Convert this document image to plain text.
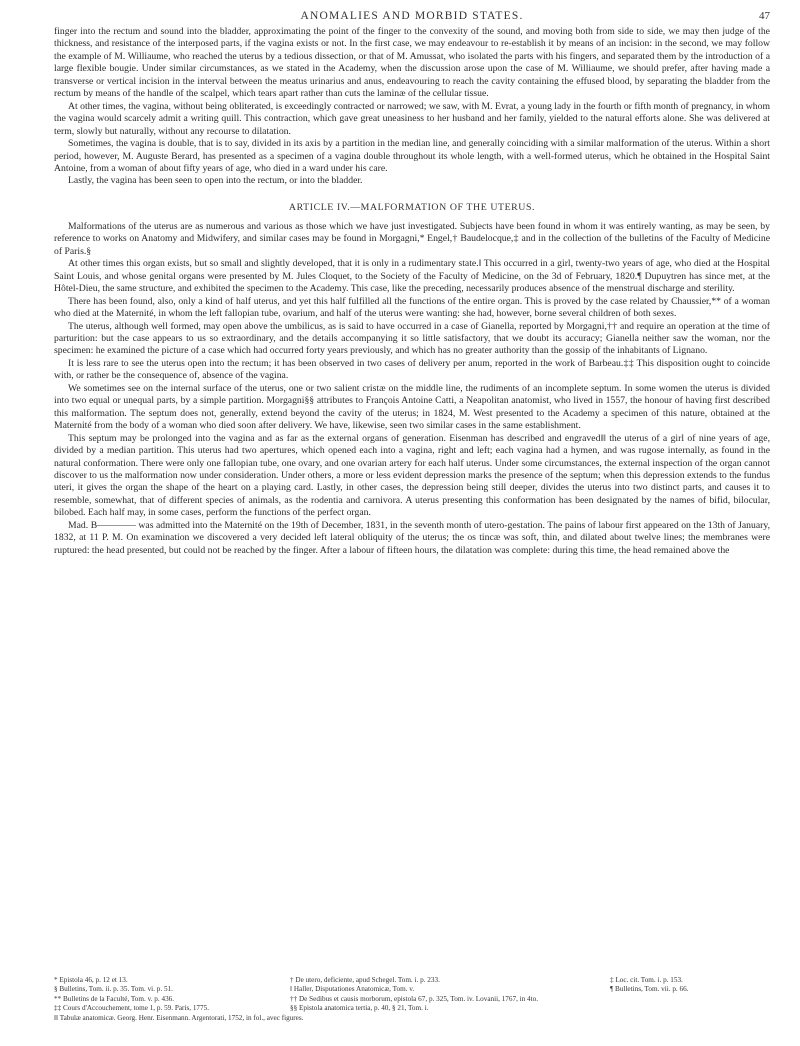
ANOMALIES AND MORBID STATES.	47

finger into the rectum and sound into the bladder, approximating the point of the finger to the convexity of the sound, and moving both from side to side, we may then judge of the thickness, and resistance of the interposed parts, if the vagina exists or not. In the first case, we may endeavour to re-establish it by means of an incision: in the second, we may follow the example of M. Williaume, who reached the uterus by a tedious dissection, or that of M. Amussat, who isolated the parts with his fingers, and separated them by the introduction of a large flexible bougie. Under similar circumstances, as we stated in the Academy, when the discussion arose upon the case of M. Williaume, we should prefer, after having made a transverse or vertical incision in the interval between the meatus urinarius and anus, endeavouring to reach the cavity containing the effused blood, by separating the bladder from the rectum by means of the handle of the scalpel, which tears apart rather than cuts the laminæ of the cellular tissue.

At other times, the vagina, without being obliterated, is exceedingly contracted or narrowed; we saw, with M. Evrat, a young lady in the fourth or fifth month of pregnancy, in whom the vagina would scarcely admit a writing quill. This contraction, which gave great uneasiness to her husband and her family, yielded to the natural efforts alone. She was delivered at term, slowly but naturally, without any recourse to dilatation.

Sometimes, the vagina is double, that is to say, divided in its axis by a partition in the median line, and generally coinciding with a similar malformation of the uterus. Within a short period, however, M. Auguste Berard, has presented as a specimen of a vagina double throughout its whole length, with a well-formed uterus, which he obtained in the Hospital Saint Antoine, from a woman of about fifty years of age, who died in a ward under his care.

Lastly, the vagina has been seen to open into the rectum, or into the bladder.

ARTICLE IV.—MALFORMATION OF THE UTERUS.

Malformations of the uterus are as numerous and various as those which we have just investigated. Subjects have been found in whom it was entirely wanting, as may be seen, by reference to works on Anatomy and Midwifery, and similar cases may be found in Morgagni,* Engel,† Baudelocque,‡ and in the collection of the bulletins of the Faculty of Medicine of Paris.§

At other times this organ exists, but so small and slightly developed, that it is only in a rudimentary state.‖ This occurred in a girl, twenty-two years of age, who died at the Hospital Saint Louis, and whose genital organs were presented by M. Jules Cloquet, to the Society of the Faculty of Medicine, on the 3d of February, 1820.¶ Dupuytren has since met, at the Hôtel-Dieu, the same structure, and exhibited the specimen to the Academy. This case, like the preceding, necessarily produces absence of the menstrual discharge and sterility.

There has been found, also, only a kind of half uterus, and yet this half fulfilled all the functions of the entire organ. This is proved by the case related by Chaussier,** of a woman who died at the Maternité, in whom the left fallopian tube, ovarium, and half of the uterus were wanting: she had, however, borne several children of both sexes.

The uterus, although well formed, may open above the umbilicus, as is said to have occurred in a case of Gianella, reported by Morgagni,†† and require an operation at the time of parturition: but the case appears to us so extraordinary, and the details accompanying it so little satisfactory, that we doubt its accuracy; Gianella neither saw the woman, nor the specimen: he examined the picture of a case which had occurred forty years previously, and which has no greater authority than the gossip of the inhabitants of Lignano.

It is less rare to see the uterus open into the rectum; it has been observed in two cases of delivery per anum, reported in the work of Barbeau.‡‡ This disposition ought to coincide with, or rather be the consequence of, absence of the vagina.

We sometimes see on the internal surface of the uterus, one or two salient cristæ on the middle line, the rudiments of an incomplete septum. In some women the uterus is divided into two equal or unequal parts, by a simple partition. Morgagni§§ attributes to François Antoine Catti, a Neapolitan anatomist, who lived in 1557, the honour of having first described this malformation. The septum does not, generally, extend beyond the cavity of the uterus; in 1824, M. West presented to the Academy a specimen of this nature, obtained at the Maternité from the body of a woman who died soon after delivery. We have, likewise, seen two similar cases in the same establishment.

This septum may be prolonged into the vagina and as far as the external organs of generation. Eisenman has described and engraved‖‖ the uterus of a girl of nine years of age, divided by a median partition. This uterus had two apertures, which opened each into a vagina, right and left; each vagina had a hymen, and was rugose internally, as found in the natural conformation. There were only one fallopian tube, one ovary, and one ovarian artery for each half uterus. Under some circumstances, the external inspection of the organ cannot discover to us the malformation now under consideration. Under others, a more or less evident depression marks the presence of the septum; when this depression extends to the fundus uteri, it gives the organ the shape of the heart on a playing card. Lastly, in other cases, the depression being still deeper, divides the uterus into two distinct parts, and causes it to resemble, somewhat, that of different species of animals, as the rodentia and carnivora. A uterus presenting this conformation has been designated by the names of bifid, bilocular, bilobed. Each half may, in some cases, perform the functions of the perfect organ.

Mad. B———— was admitted into the Maternité on the 19th of December, 1831, in the seventh month of utero-gestation. The pains of labour first appeared on the 13th of January, 1832, at 11 P. M. On examination we discovered a very decided left lateral obliquity of the uterus; the os tincæ was soft, thin, and dilated about twelve lines; the membranes were ruptured: the head presented, but could not be reached by the finger. After a labour of fifteen hours, the dilatation was complete: during this time, the head remained above the

* Epistola 46, p. 12 et 13.	† De utero, deficiente, apud Schegel. Tom. i. p. 233.	‡ Loc. cit. Tom. i. p. 153.
§ Bulletins, Tom. ii. p. 35. Tom. vi. p. 51.	‖ Haller, Disputationes Anatomicæ, Tom. v.	¶ Bulletins, Tom. vii. p. 66.
** Bulletins de la Faculté, Tom. v. p. 436.	†† De Sedibus et causis morborum, epistola 67, p. 325, Tom. iv. Lovanii, 1767, in 4to.
‡‡ Cours d'Accouchement, tome 1, p. 59. Paris, 1775.	§§ Epistola anatomica tertia, p. 40, § 21, Tom. i.
‖‖ Tabulæ anatomicæ. Georg. Henr. Eisenmann. Argentorati, 1752, in fol., avec figures.
